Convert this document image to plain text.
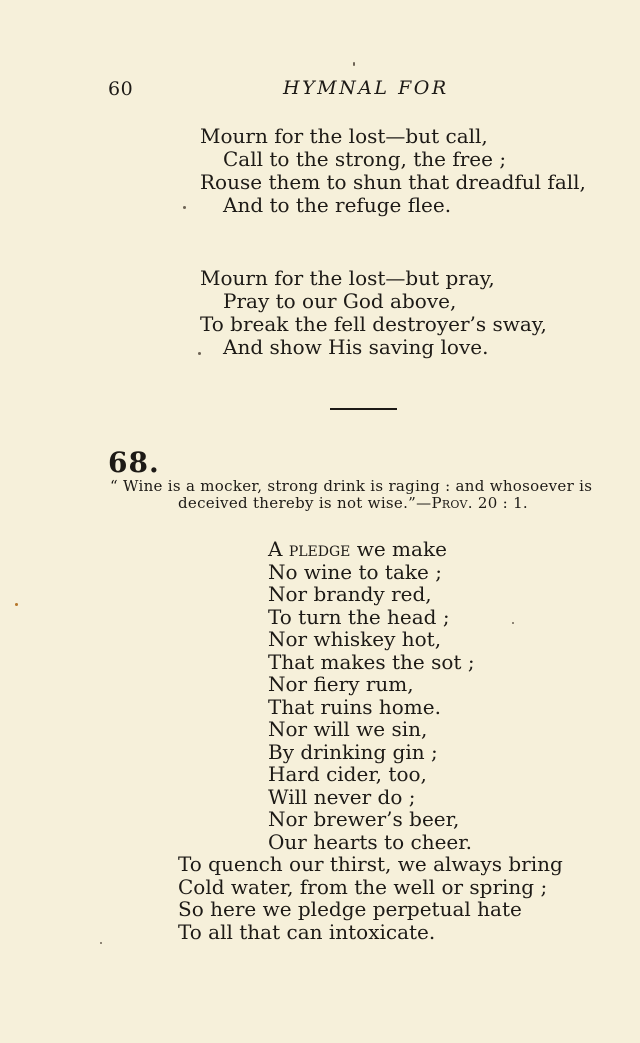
60	HYMNAL FOR
Mourn for the lost—but call,
Call to the strong, the free ;
Rouse them to shun that dreadful fall,
And to the refuge flee.
Mourn for the lost—but pray,
Pray to our God above,
To break the fell destroyer’s sway,
And show His saving love.
68.
“ Wine is a mocker, strong drink is raging : and whosoever is
deceived thereby is not wise.”—Prov. 20 : 1.
A pledge we make
No wine to take ;
Nor brandy red,
To turn the head ;
Nor whiskey hot,
That makes the sot ;
Nor fiery rum,
That ruins home.
Nor will we sin,
By drinking gin ;
Hard cider, too,
Will never do ;
Nor brewer’s beer,
Our hearts to cheer.
To quench our thirst, we always bring
Cold water, from the well or spring ;
So here we pledge perpetual hate
To all that can intoxicate.
